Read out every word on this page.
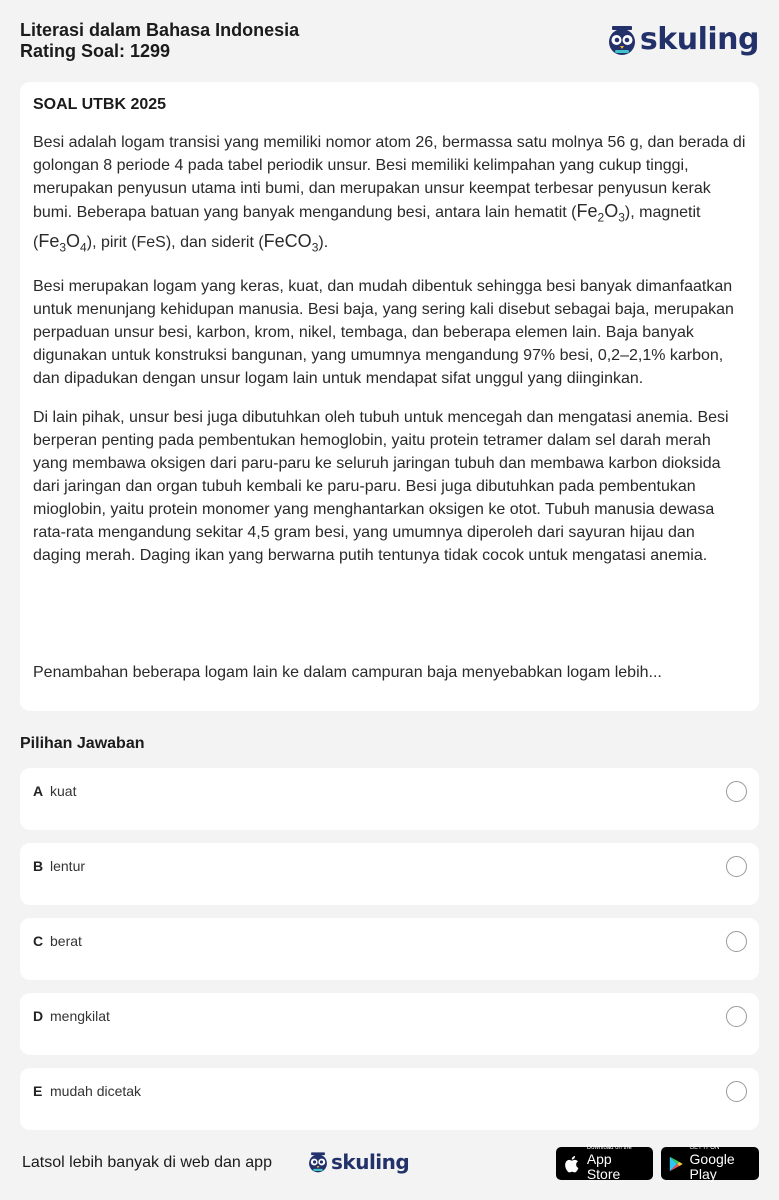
Literasi dalam Bahasa Indonesia
Rating Soal: 1299	skuling
SOAL UTBK 2025

Besi adalah logam transisi yang memiliki nomor atom 26, bermassa satu molnya 56 g, dan berada di golongan 8 periode 4 pada tabel periodik unsur. Besi memiliki kelimpahan yang cukup tinggi, merupakan penyusun utama inti bumi, dan merupakan unsur keempat terbesar penyusun kerak bumi. Beberapa batuan yang banyak mengandung besi, antara lain hematit $(Fe_2O_3)$, magnetit $(Fe_3O_4)$, pirit (FeS), dan siderit (FeCO$_3$).

Besi merupakan logam yang keras, kuat, dan mudah dibentuk sehingga besi banyak dimanfaatkan untuk menunjang kehidupan manusia. Besi baja, yang sering kali disebut sebagai baja, merupakan perpaduan unsur besi, karbon, krom, nikel, tembaga, dan beberapa elemen lain. Baja banyak digunakan untuk konstruksi bangunan, yang umumnya mengandung 97% besi, 0,2–2,1% karbon, dan dipadukan dengan unsur logam lain untuk mendapat sifat unggul yang diinginkan.

Di lain pihak, unsur besi juga dibutuhkan oleh tubuh untuk mencegah dan mengatasi anemia. Besi berperan penting pada pembentukan hemoglobin, yaitu protein tetramer dalam sel darah merah yang membawa oksigen dari paru-paru ke seluruh jaringan tubuh dan membawa karbon dioksida dari jaringan dan organ tubuh kembali ke paru-paru. Besi juga dibutuhkan pada pembentukan mioglobin, yaitu protein monomer yang menghantarkan oksigen ke otot. Tubuh manusia dewasa rata-rata mengandung sekitar 4,5 gram besi, yang umumnya diperoleh dari sayuran hijau dan daging merah. Daging ikan yang berwarna putih tentunya tidak cocok untuk mengatasi anemia.

Penambahan beberapa logam lain ke dalam campuran baja menyebabkan logam lebih...
Pilihan Jawaban
A kuat
B lentur
C berat
D mengkilat
E mudah dicetak
Latsol lebih banyak di web dan app	skuling
Download on the
App Store
GET IT ON
Google Play
